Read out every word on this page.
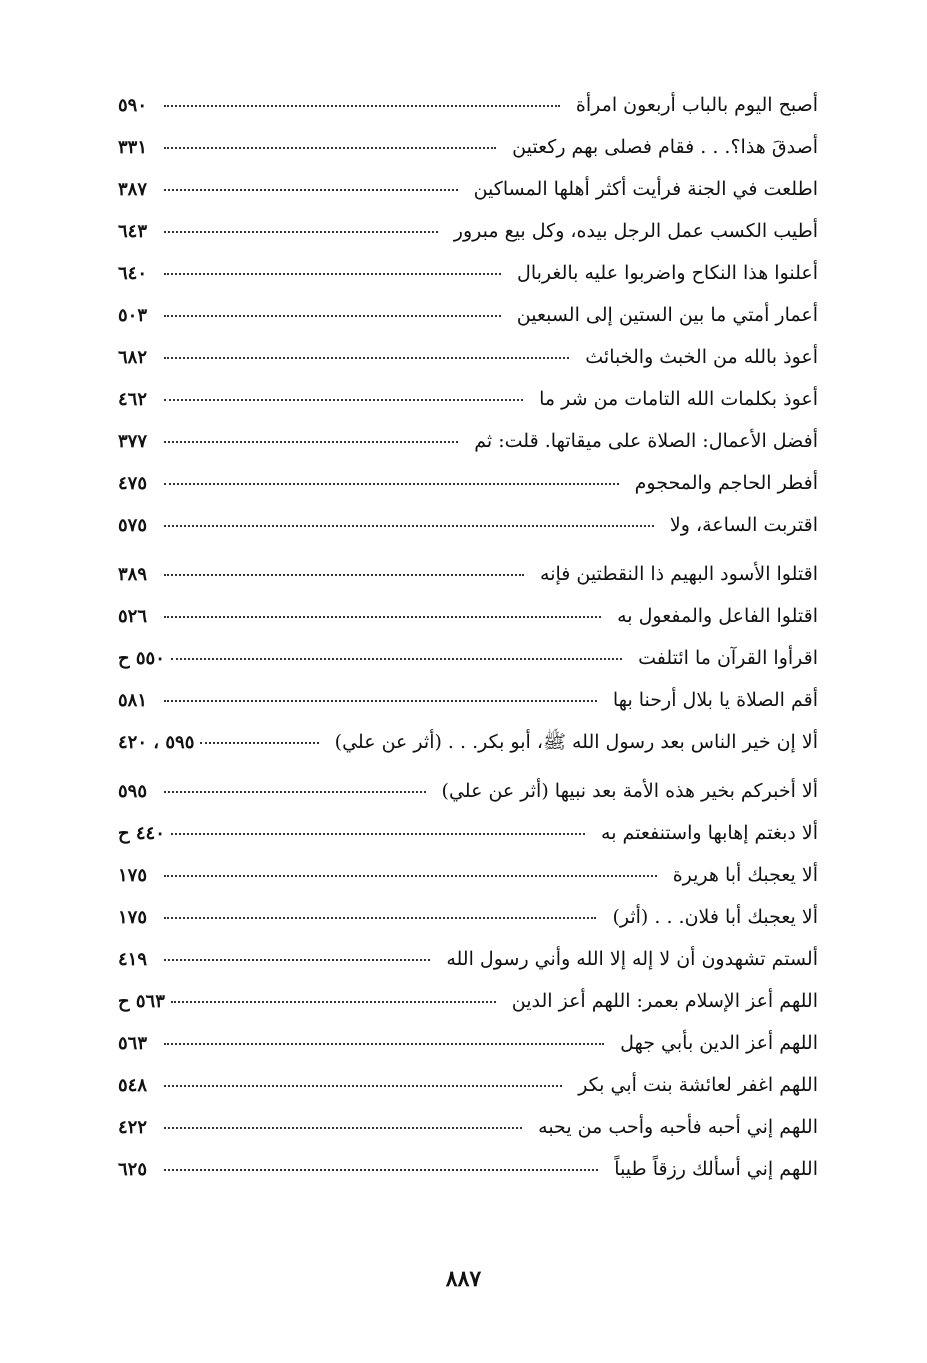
أصبح اليوم بالباب أربعون امرأة
٥٩٠
أصدقَ هذا؟. . . فقام فصلى بهم ركعتين
٣٣١
اطلعت في الجنة فرأيت أكثر أهلها المساكين
٣٨٧
أطيب الكسب عمل الرجل بيده، وكل بيع مبرور
٦٤٣
أعلنوا هذا النكاح واضربوا عليه بالغربال
٦٤٠
أعمار أمتي ما بين الستين إلى السبعين
٥٠٣
أعوذ بالله من الخبث والخبائث
٦٨٢
أعوذ بكلمات الله التامات من شر ما
٤٦٢
أفضل الأعمال: الصلاة على ميقاتها. قلت: ثم
٣٧٧
أفطر الحاجم والمحجوم
٤٧٥
اقتربت الساعة، ولا
٥٧٥
اقتلوا الأسود البهيم ذا النقطتين فإنه
٣٨٩
اقتلوا الفاعل والمفعول به
٥٢٦
اقرأوا القرآن ما ائتلفت
٥٥٠ ح
أقم الصلاة يا بلال أرحنا بها
٥٨١
ألا إن خير الناس بعد رسول الله ﷺ، أبو بكر. . . (أثر عن علي)
٥٩٥ ، ٤٢٠
ألا أخبركم بخير هذه الأمة بعد نبيها (أثر عن علي)
٥٩٥
ألا دبغتم إهابها واستنفعتم به
٤٤٠ ح
ألا يعجبك أبا هريرة
١٧٥
ألا يعجبك أبا فلان. . . (أثر)
١٧٥
ألستم تشهدون أن لا إله إلا الله وأني رسول الله
٤١٩
اللهم أعز الإسلام بعمر: اللهم أعز الدين
٥٦٣ ح
اللهم أعز الدين بأبي جهل
٥٦٣
اللهم اغفر لعائشة بنت أبي بكر
٥٤٨
اللهم إني أحبه فأحبه وأحب من يحبه
٤٢٢
اللهم إني أسألك رزقاً طيباً
٦٢٥
٨٨٧
